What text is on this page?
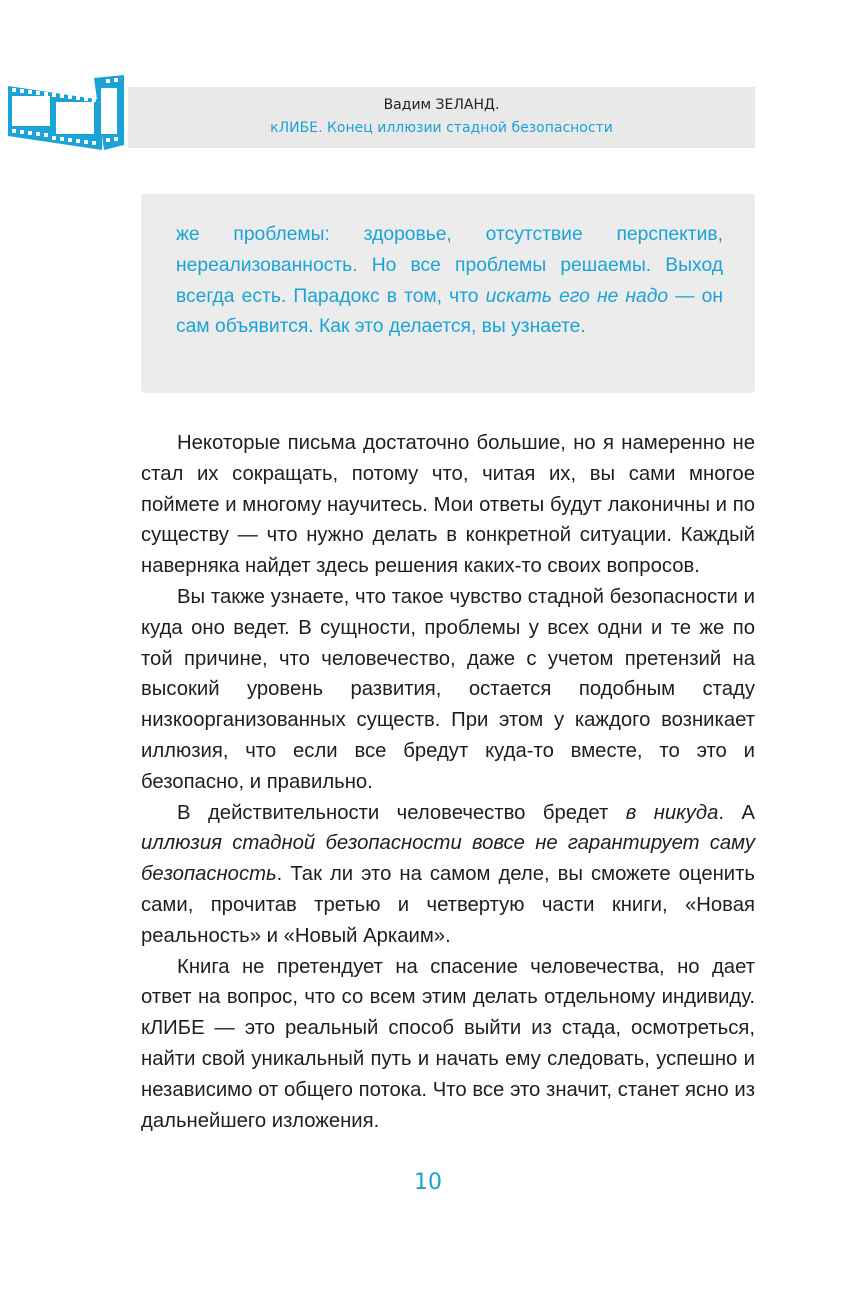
Вадим ЗЕЛАНД.
кЛИБЕ. Конец иллюзии стадной безопасности

же проблемы: здоровье, отсутствие перспектив, нереализованность. Но все проблемы решаемы. Выход всегда есть. Парадокс в том, что искать его не надо — он сам объявится. Как это делается, вы узнаете.

Некоторые письма достаточно большие, но я намеренно не стал их сокращать, потому что, читая их, вы сами многое поймете и многому научитесь. Мои ответы будут лаконичны и по существу — что нужно делать в конкретной ситуации. Каждый наверняка найдет здесь решения каких-то своих вопросов.

Вы также узнаете, что такое чувство стадной безопасности и куда оно ведет. В сущности, проблемы у всех одни и те же по той причине, что человечество, даже с учетом претензий на высокий уровень развития, остается подобным стаду низкоорганизованных существ. При этом у каждого возникает иллюзия, что если все бредут куда-то вместе, то это и безопасно, и правильно.

В действительности человечество бредет в никуда. А иллюзия стадной безопасности вовсе не гарантирует саму безопасность. Так ли это на самом деле, вы сможете оценить сами, прочитав третью и четвертую части книги, «Новая реальность» и «Новый Аркаим».

Книга не претендует на спасение человечества, но дает ответ на вопрос, что со всем этим делать отдельному индивиду. кЛИБЕ — это реальный способ выйти из стада, осмотреться, найти свой уникальный путь и начать ему следовать, успешно и независимо от общего потока. Что все это значит, станет ясно из дальнейшего изложения.

10
